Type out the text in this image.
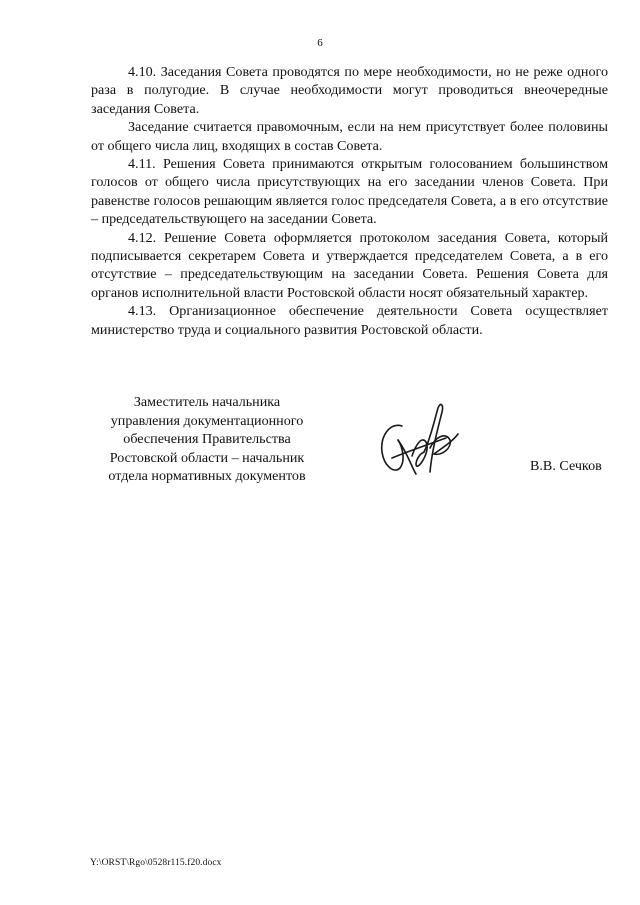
6

4.10. Заседания Совета проводятся по мере необходимости, но не реже одного раза в полугодие. В случае необходимости могут проводиться внеочередные заседания Совета.

Заседание считается правомочным, если на нем присутствует более половины от общего числа лиц, входящих в состав Совета.

4.11. Решения Совета принимаются открытым голосованием большинством голосов от общего числа присутствующих на его заседании членов Совета. При равенстве голосов решающим является голос председателя Совета, а в его отсутствие – председательствующего на заседании Совета.

4.12. Решение Совета оформляется протоколом заседания Совета, который подписывается секретарем Совета и утверждается председателем Совета, а в его отсутствие – председательствующим на заседании Совета. Решения Совета для органов исполнительной власти Ростовской области носят обязательный характер.

4.13. Организационное обеспечение деятельности Совета осуществляет министерство труда и социального развития Ростовской области.

Заместитель начальника
управления документационного
обеспечения Правительства
Ростовской области – начальник
отдела нормативных документов
В.В. Сечков
Y:\ORST\Rgo\0528r115.f20.docx
